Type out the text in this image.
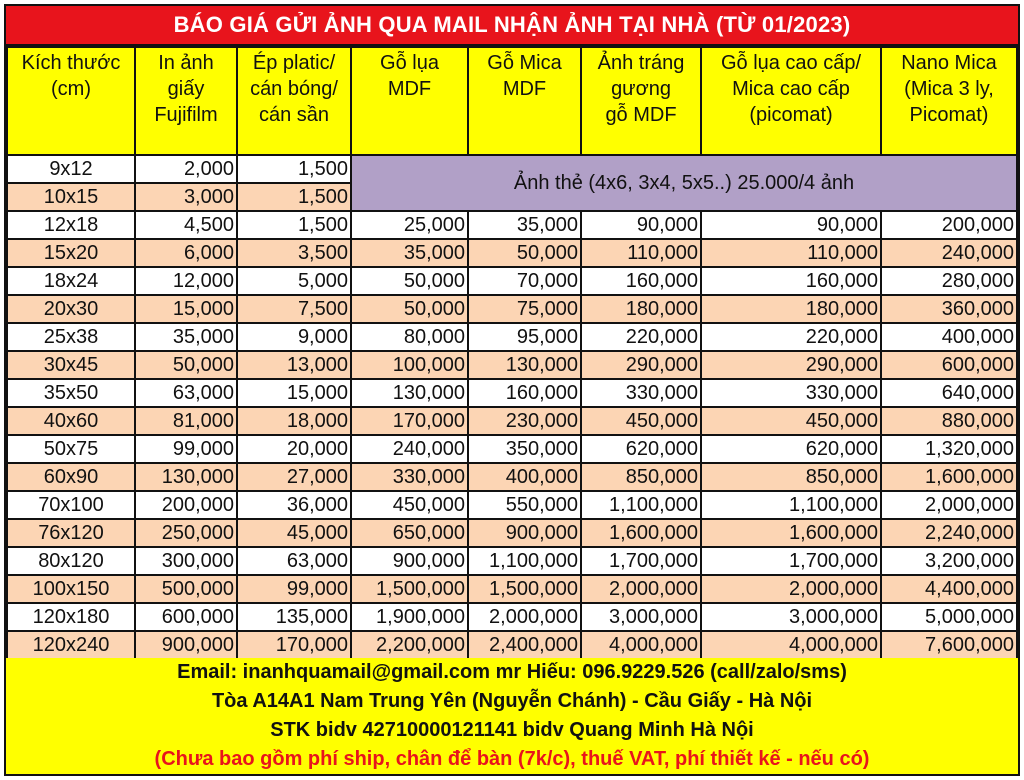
BÁO GIÁ GỬI ẢNH QUA MAIL NHẬN ẢNH TẠI NHÀ (TỪ 01/2023)
Kích thước
(cm)	In ảnh
giấy
Fujifilm	Ép platic/
cán bóng/
cán sần	Gỗ lụa
MDF	Gỗ Mica
MDF	Ảnh tráng
gương
gỗ MDF	Gỗ lụa cao cấp/
Mica cao cấp
(picomat)	Nano Mica
(Mica 3 ly,
Picomat)

9x12	2,000	1,500	Ảnh thẻ (4x6, 3x4, 5x5..) 25.000/4 ảnh				
10x15	3,000	1,500					
12x18	4,500	1,500	25,000	35,000	90,000	90,000	200,000
15x20	6,000	3,500	35,000	50,000	110,000	110,000	240,000
18x24	12,000	5,000	50,000	70,000	160,000	160,000	280,000
20x30	15,000	7,500	50,000	75,000	180,000	180,000	360,000
25x38	35,000	9,000	80,000	95,000	220,000	220,000	400,000
30x45	50,000	13,000	100,000	130,000	290,000	290,000	600,000
35x50	63,000	15,000	130,000	160,000	330,000	330,000	640,000
40x60	81,000	18,000	170,000	230,000	450,000	450,000	880,000
50x75	99,000	20,000	240,000	350,000	620,000	620,000	1,320,000
60x90	130,000	27,000	330,000	400,000	850,000	850,000	1,600,000
70x100	200,000	36,000	450,000	550,000	1,100,000	1,100,000	2,000,000
76x120	250,000	45,000	650,000	900,000	1,600,000	1,600,000	2,240,000
80x120	300,000	63,000	900,000	1,100,000	1,700,000	1,700,000	3,200,000
100x150	500,000	99,000	1,500,000	1,500,000	2,000,000	2,000,000	4,400,000
120x180	600,000	135,000	1,900,000	2,000,000	3,000,000	3,000,000	5,000,000
120x240	900,000	170,000	2,200,000	2,400,000	4,000,000	4,000,000	7,600,000
Email: inanhquamail@gmail.com mr Hiếu: 096.9229.526 (call/zalo/sms)
Tòa A14A1 Nam Trung Yên (Nguyễn Chánh) - Cầu Giấy - Hà Nội
STK bidv 42710000121141 bidv Quang Minh Hà Nội
(Chưa bao gồm phí ship, chân để bàn (7k/c), thuế VAT, phí thiết kế - nếu có)
